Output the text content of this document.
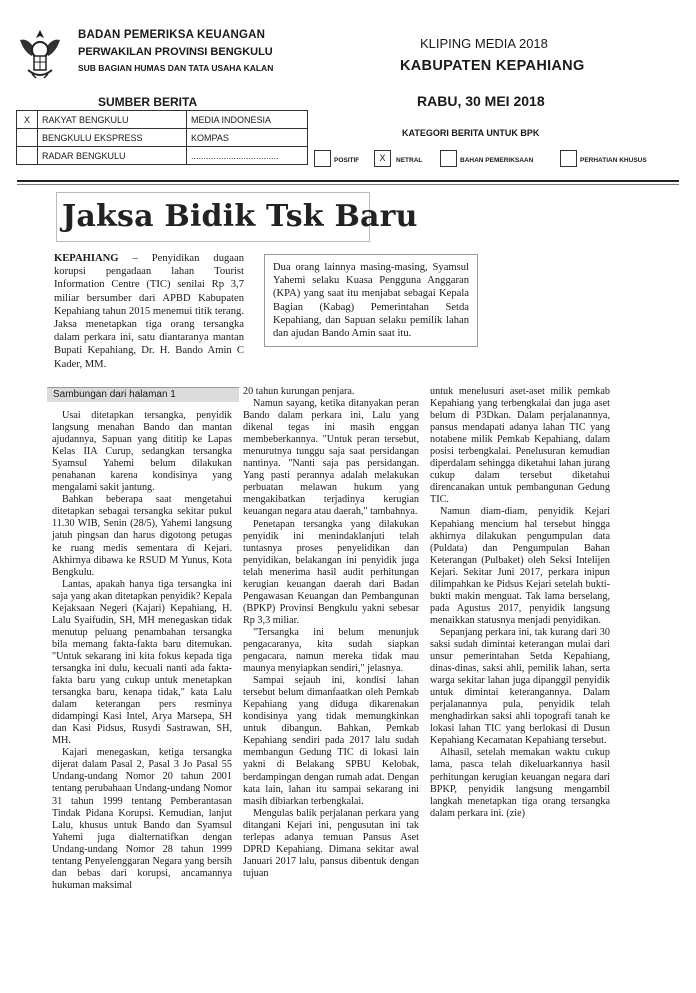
BADAN PEMERIKSA KEUANGAN
PERWAKILAN PROVINSI BENGKULU
SUB BAGIAN HUMAS DAN TATA USAHA KALAN
KLIPING MEDIA 2018
KABUPATEN KEPAHIANG
SUMBER BERITA	RABU, 30 MEI 2018
X	RAKYAT BENGKULU	MEDIA INDONESIA
	BENGKULU EKSPRESS	KOMPAS
	RADAR BENGKULU	...................................
KATEGORI BERITA UNTUK BPK
POSITIF	X	NETRAL	BAHAN PEMERIKSAAN	PERHATIAN KHUSUS
Jaksa Bidik Tsk Baru
KEPAHIANG – Penyidikan dugaan korupsi pengadaan lahan Tourist Information Centre (TIC) senilai Rp 3,7 miliar bersumber dari APBD Kabupaten Kepahiang tahun 2015 menemui titik terang. Jaksa menetapkan tiga orang tersangka dalam perkara ini, satu diantaranya mantan Bupati Kepahiang, Dr. H. Bando Amin C Kader, MM.
Dua orang lainnya masing-masing, Syamsul Yahemi selaku Kuasa Pengguna Anggaran (KPA) yang saat itu menjabat sebagai Kepala Bagian (Kabag) Pemerintahan Setda Kepahiang, dan Sapuan selaku pemilik lahan dan ajudan Bando Amin saat itu.
Sambungan dari halaman 1

Usai ditetapkan tersangka, penyidik langsung menahan Bando dan mantan ajudannya, Sapuan yang dititip ke Lapas Kelas IIA Curup, sedangkan tersangka Syamsul Yahemi belum dilakukan penahanan karena kondisinya yang mengalami sakit jantung.

Bahkan beberapa saat mengetahui ditetapkan sebagai tersangka sekitar pukul 11.30 WIB, Senin (28/5), Yahemi langsung jatuh pingsan dan harus digotong petugas ke ruang medis sementara di Kejari. Akhirnya dibawa ke RSUD M Yunus, Kota Bengkulu.

Lantas, apakah hanya tiga tersangka ini saja yang akan ditetapkan penyidik? Kepala Kejaksaan Negeri (Kajari) Kepahiang, H. Lalu Syaifudin, SH, MH menegaskan tidak menutup peluang penambahan tersangka bila memang fakta-fakta baru ditemukan. "Untuk sekarang ini kita fokus kepada tiga tersangka ini dulu, kecuali nanti ada fakta-fakta baru yang cukup untuk menetapkan tersangka baru, kenapa tidak," kata Lalu dalam keterangan pers resminya didampingi Kasi Intel, Arya Marsepa, SH dan Kasi Pidsus, Rusydi Sastrawan, SH, MH.

Kajari menegaskan, ketiga tersangka dijerat dalam Pasal 2, Pasal 3 Jo Pasal 55 Undang-undang Nomor 20 tahun 2001 tentang perubahaan Undang-undang Nomor 31 tahun 1999 tentang Pemberantasan Tindak Pidana Korupsi. Kemudian, lanjut Lalu, khusus untuk Bando dan Syamsul Yahemi juga dialternatifkan dengan Undang-undang Nomor 28 tahun 1999 tentang Penyelenggaran Negara yang bersih dan bebas dari korupsi, ancamannya hukuman maksimal

20 tahun kurungan penjara.

Namun sayang, ketika ditanyakan peran Bando dalam perkara ini, Lalu yang dikenal tegas ini masih enggan membeberkannya. "Untuk peran tersebut, menurutnya tunggu saja saat persidangan nantinya. "Nanti saja pas persidangan. Yang pasti perannya adalah melakukan perbuatan melawan hukum yang mengakibatkan terjadinya kerugian keuangan negara atau daerah," tambahnya.

Penetapan tersangka yang dilakukan penyidik ini menindaklanjuti telah tuntasnya proses penyelidikan dan penyidikan, belakangan ini penyidik juga telah menerima hasil audit perhitungan kerugian keuangan daerah dari Badan Pengawasan Keuangan dan Pembangunan (BPKP) Provinsi Bengkulu yakni sebesar Rp 3,3 miliar.

"Tersangka ini belum menunjuk pengacaranya, kita sudah siapkan pengacara, namun mereka tidak mau maunya menyiapkan sendiri," jelasnya.

Sampai sejauh ini, kondisi lahan tersebut belum dimanfaatkan oleh Pemkab Kepahiang yang diduga dikarenakan kondisinya yang tidak memungkinkan untuk dibangun. Bahkan, Pemkab Kepahiang sendiri pada 2017 lalu sudah membangun Gedung TIC di lokasi lain yakni di Belakang SPBU Kelobak, berdampingan dengan rumah adat. Dengan kata lain, lahan itu sampai sekarang ini masih dibiarkan terbengkalai.

Mengulas balik perjalanan perkara yang ditangani Kejari ini, pengusutan ini tak terlepas adanya temuan Pansus Aset DPRD Kepahiang. Dimana sekitar awal Januari 2017 lalu, pansus dibentuk dengan tujuan

untuk menelusuri aset-aset milik pemkab Kepahiang yang terbengkalai dan juga aset belum di P3Dkan. Dalam perjalanannya, pansus mendapati adanya lahan TIC yang notabene milik Pemkab Kepahiang, dalam posisi terbengkalai. Penelusuran kemudian diperdalam sehingga diketahui lahan jurang cukup dalam tersebut diketahui direncanakan untuk pembangunan Gedung TIC.

Namun diam-diam, penyidik Kejari Kepahiang mencium hal tersebut hingga akhirnya dilakukan pengumpulan data (Puldata) dan Pengumpulan Bahan Keterangan (Pulbaket) oleh Seksi Intelijen Kejari. Sekitar Juni 2017, perkara inipun dilimpahkan ke Pidsus Kejari setelah bukti-bukti makin menguat. Tak lama berselang, pada Agustus 2017, penyidik langsung menaikkan statusnya menjadi penyidikan.

Sepanjang perkara ini, tak kurang dari 30 saksi sudah dimintai keterangan mulai dari unsur pemerintahan Setda Kepahiang, dinas-dinas, saksi ahli, pemilik lahan, serta warga sekitar lahan juga dipanggil penyidik untuk dimintai keterangannya. Dalam perjalanannya pula, penyidik telah menghadirkan saksi ahli topografi tanah ke lokasi lahan TIC yang berlokasi di Dusun Kepahiang Kecamatan Kepahiang tersebut.

Alhasil, setelah memakan waktu cukup lama, pasca telah dikeluarkannya hasil perhitungan kerugian keuangan negara dari BPKP, penyidik langsung mengambil langkah menetapkan tiga orang tersangka dalam perkara ini. (zie)
